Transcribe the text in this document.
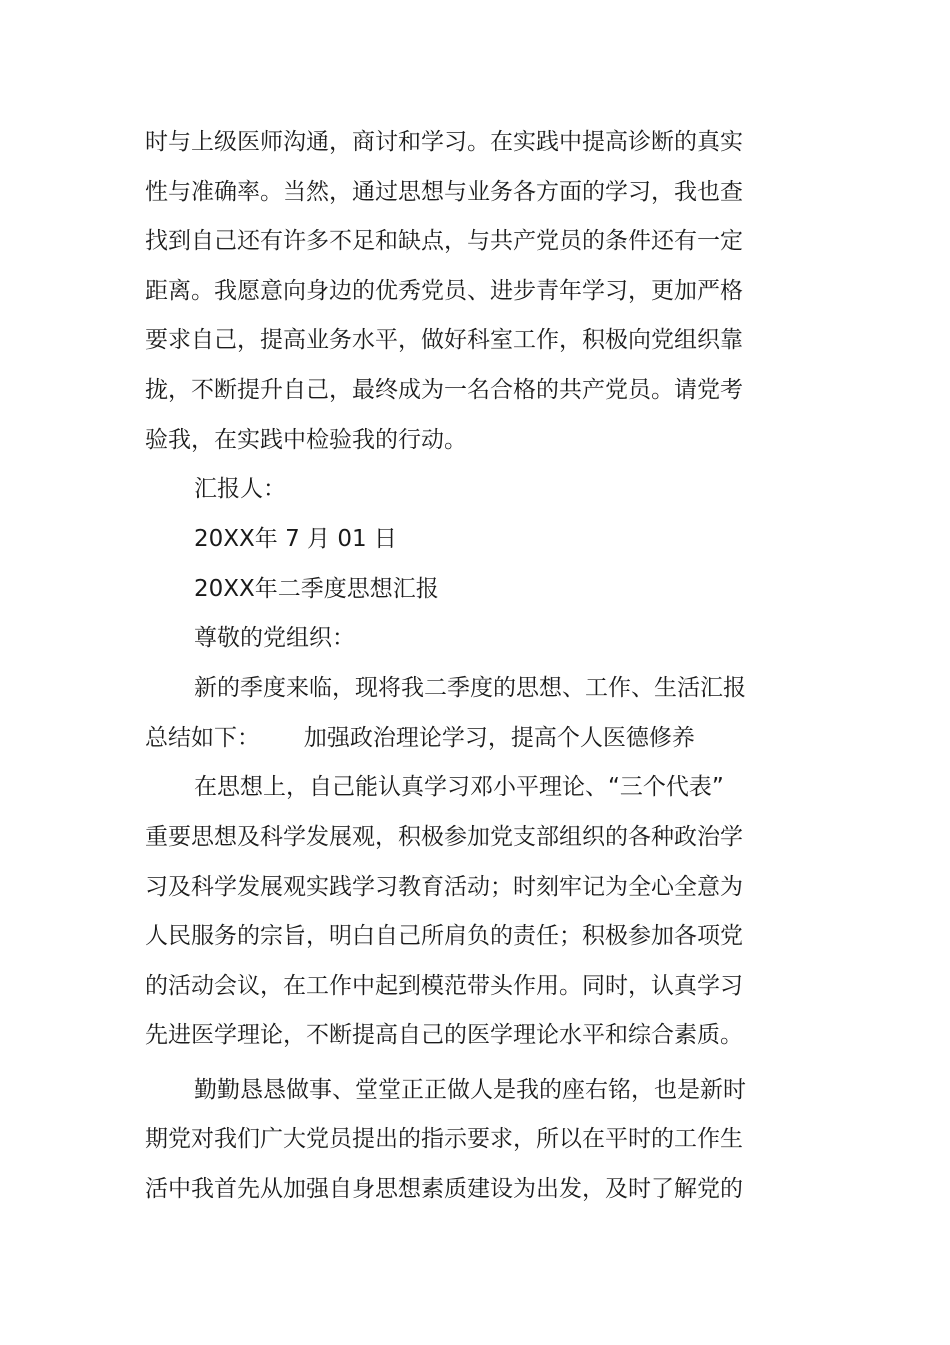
时与上级医师沟通，商讨和学习。在实践中提高诊断的真实
性与准确率。当然，通过思想与业务各方面的学习，我也查
找到自己还有许多不足和缺点，与共产党员的条件还有一定
距离。我愿意向身边的优秀党员、进步青年学习，更加严格
要求自己，提高业务水平，做好科室工作，积极向党组织靠
拢，不断提升自己，最终成为一名合格的共产党员。请党考
验我，在实践中检验我的行动。
汇报人：
20XX年 7 月 01 日
20XX年二季度思想汇报
尊敬的党组织：
新的季度来临，现将我二季度的思想、工作、生活汇报
总结如下：      加强政治理论学习，提高个人医德修养
在思想上，自己能认真学习邓小平理论、“三个代表”
重要思想及科学发展观，积极参加党支部组织的各种政治学
习及科学发展观实践学习教育活动；时刻牢记为全心全意为
人民服务的宗旨，明白自己所肩负的责任；积极参加各项党
的活动会议，在工作中起到模范带头作用。同时，认真学习
先进医学理论，不断提高自己的医学理论水平和综合素质。
勤勤恳恳做事、堂堂正正做人是我的座右铭，也是新时
期党对我们广大党员提出的指示要求，所以在平时的工作生
活中我首先从加强自身思想素质建设为出发，及时了解党的
